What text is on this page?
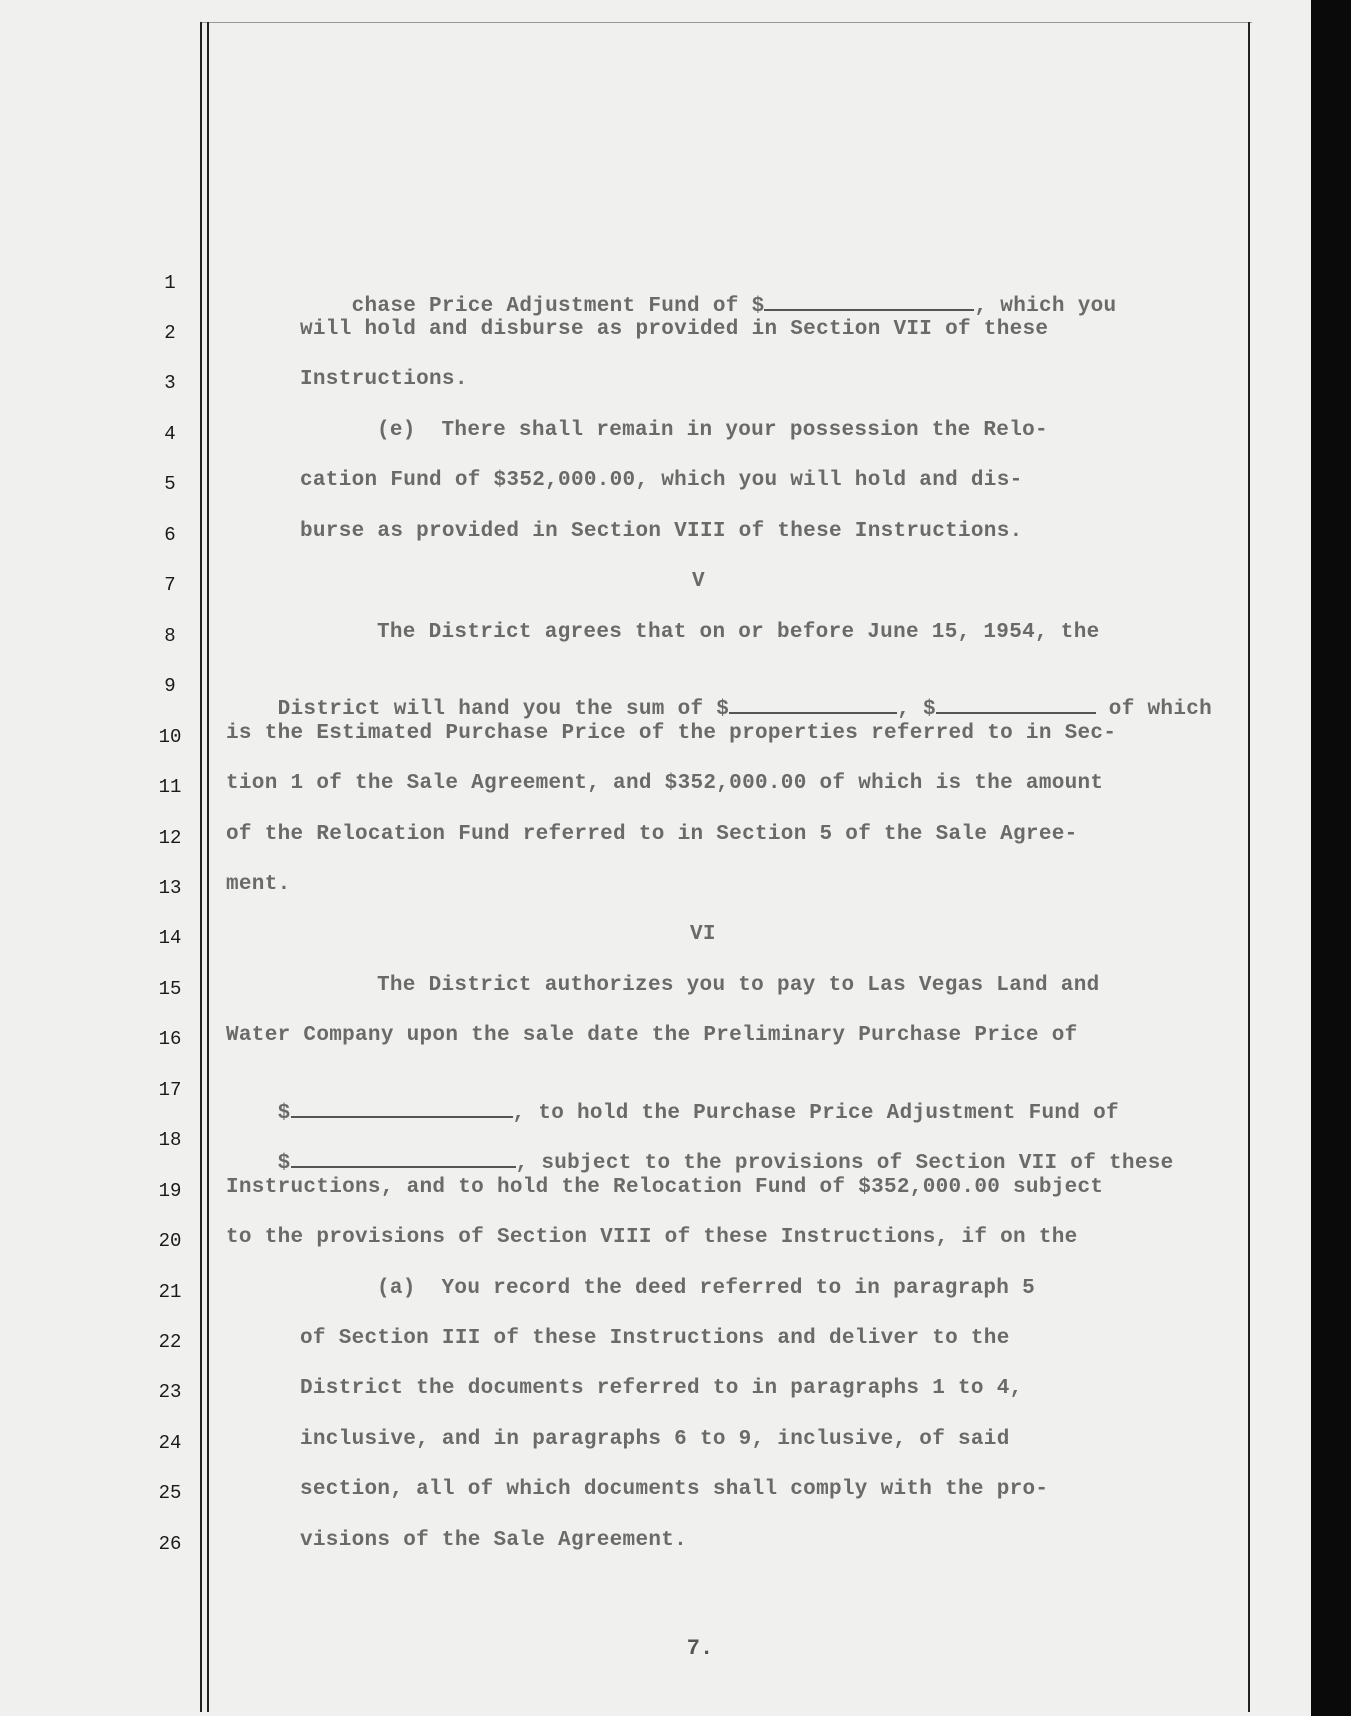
1
2
3
4
5
6
7
8
9
10
11
12
13
14
15
16
17
18
19
20
21
22
23
24
25
26

chase Price Adjustment Fund of $	, which you

will hold and disburse as provided in Section VII of these
Instructions.
(e)  There shall remain in your possession the Relo-
cation Fund of $352,000.00, which you will hold and dis-
burse as provided in Section VIII of these Instructions.
V
The District agrees that on or before June 15, 1954, the

District will hand you the sum of $	, $	of which

is the Estimated Purchase Price of the properties referred to in Sec-
tion 1 of the Sale Agreement, and $352,000.00 of which is the amount
of the Relocation Fund referred to in Section 5 of the Sale Agree-
ment.
VI
The District authorizes you to pay to Las Vegas Land and
Water Company upon the sale date the Preliminary Purchase Price of

$	, to hold the Purchase Price Adjustment Fund of

$	, subject to the provisions of Section VII of these

Instructions, and to hold the Relocation Fund of $352,000.00 subject
to the provisions of Section VIII of these Instructions, if on the
(a)  You record the deed referred to in paragraph 5
of Section III of these Instructions and deliver to the
District the documents referred to in paragraphs 1 to 4,
inclusive, and in paragraphs 6 to 9, inclusive, of said
section, all of which documents shall comply with the pro-
visions of the Sale Agreement.
7.
